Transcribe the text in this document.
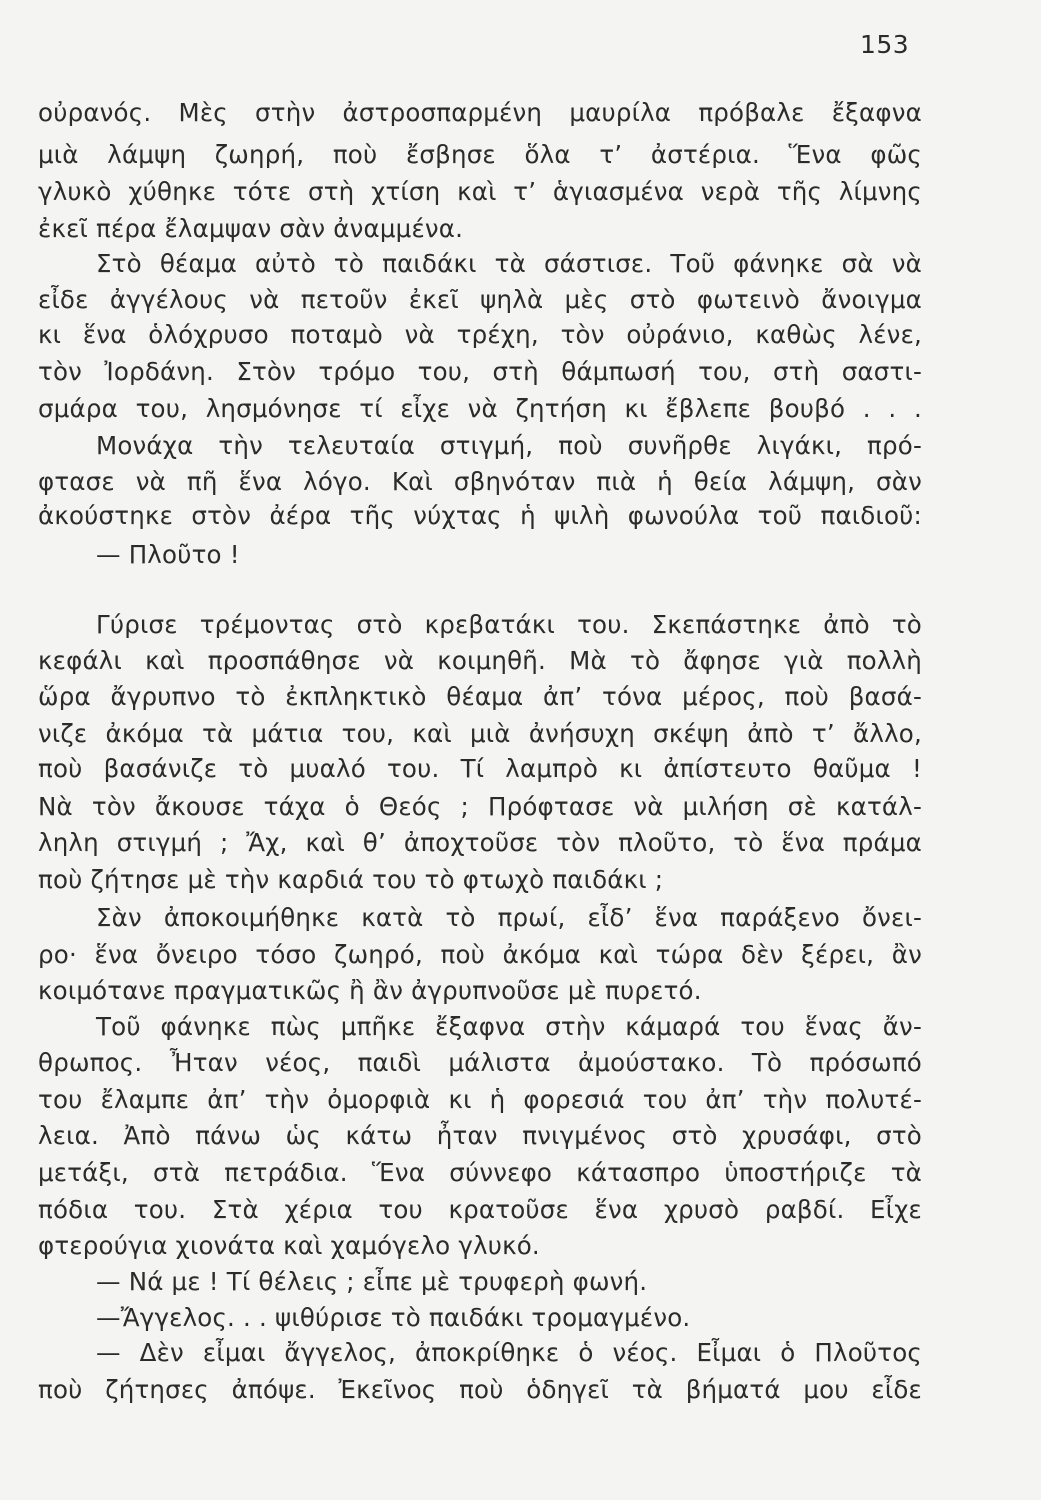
153
οὐρανός. Μὲς στὴν ἀστροσπαρμένη μαυρίλα πρόβαλε ἔξαφνα
μιὰ λάμψη ζωηρή, ποὺ ἔσβησε ὅλα τ’ ἀστέρια. Ἕνα φῶς
γλυκὸ χύθηκε τότε στὴ χτίση καὶ τ’ ἁγιασμένα νερὰ τῆς λίμνης
ἐκεῖ πέρα ἔλαμψαν σὰν ἀναμμένα.
Στὸ θέαμα αὐτὸ τὸ παιδάκι τὰ σάστισε. Τοῦ φάνηκε σὰ νὰ
εἶδε ἀγγέλους νὰ πετοῦν ἐκεῖ ψηλὰ μὲς στὸ φωτεινὸ ἄνοιγμα
κι ἕνα ὁλόχρυσο ποταμὸ νὰ τρέχη, τὸν οὐράνιο, καθὼς λένε,
τὸν Ἰορδάνη. Στὸν τρόμο του, στὴ θάμπωσή του, στὴ σαστι-
σμάρα του, λησμόνησε τί εἶχε νὰ ζητήση κι ἔβλεπε βουβό . . .
Μονάχα τὴν τελευταία στιγμή, ποὺ συνῆρθε λιγάκι, πρό-
φτασε νὰ πῆ ἕνα λόγο. Καὶ σβηνόταν πιὰ ἡ θεία λάμψη, σὰν
ἀκούστηκε στὸν ἀέρα τῆς νύχτας ἡ ψιλὴ φωνούλα τοῦ παιδιοῦ:
— Πλοῦτο !
Γύρισε τρέμοντας στὸ κρεβατάκι του. Σκεπάστηκε ἀπὸ τὸ
κεφάλι καὶ προσπάθησε νὰ κοιμηθῆ. Μὰ τὸ ἄφησε γιὰ πολλὴ
ὥρα ἄγρυπνο τὸ ἐκπληκτικὸ θέαμα ἀπ’ τόνα μέρος, ποὺ βασά-
νιζε ἀκόμα τὰ μάτια του, καὶ μιὰ ἀνήσυχη σκέψη ἀπὸ τ’ ἄλλο,
ποὺ βασάνιζε τὸ μυαλό του. Τί λαμπρὸ κι ἀπίστευτο θαῦμα !
Νὰ τὸν ἄκουσε τάχα ὁ Θεός ; Πρόφτασε νὰ μιλήση σὲ κατάλ-
ληλη στιγμή ; Ἄχ, καὶ θ’ ἀποχτοῦσε τὸν πλοῦτο, τὸ ἕνα πράμα
ποὺ ζήτησε μὲ τὴν καρδιά του τὸ φτωχὸ παιδάκι ;
Σὰν ἀποκοιμήθηκε κατὰ τὸ πρωί, εἶδ’ ἕνα παράξενο ὄνει-
ρο· ἕνα ὄνειρο τόσο ζωηρό, ποὺ ἀκόμα καὶ τώρα δὲν ξέρει, ἂν
κοιμότανε πραγματικῶς ἢ ἂν ἀγρυπνοῦσε μὲ πυρετό.
Τοῦ φάνηκε πὼς μπῆκε ἔξαφνα στὴν κάμαρά του ἕνας ἄν-
θρωπος. Ἦταν νέος, παιδὶ μάλιστα ἀμούστακο. Τὸ πρόσωπό
του ἔλαμπε ἀπ’ τὴν ὀμορφιὰ κι ἡ φορεσιά του ἀπ’ τὴν πολυτέ-
λεια. Ἀπὸ πάνω ὡς κάτω ἦταν πνιγμένος στὸ χρυσάφι, στὸ
μετάξι, στὰ πετράδια. Ἕνα σύννεφο κάτασπρο ὑποστήριζε τὰ
πόδια του. Στὰ χέρια του κρατοῦσε ἕνα χρυσὸ ραβδί. Εἶχε
φτερούγια χιονάτα καὶ χαμόγελο γλυκό.
— Νά με ! Τί θέλεις ; εἶπε μὲ τρυφερὴ φωνή.
—Ἄγγελος. . . ψιθύρισε τὸ παιδάκι τρομαγμένο.
— Δὲν εἶμαι ἄγγελος, ἀποκρίθηκε ὁ νέος. Εἶμαι ὁ Πλοῦτος
ποὺ ζήτησες ἀπόψε. Ἐκεῖνος ποὺ ὁδηγεῖ τὰ βήματά μου εἶδε
